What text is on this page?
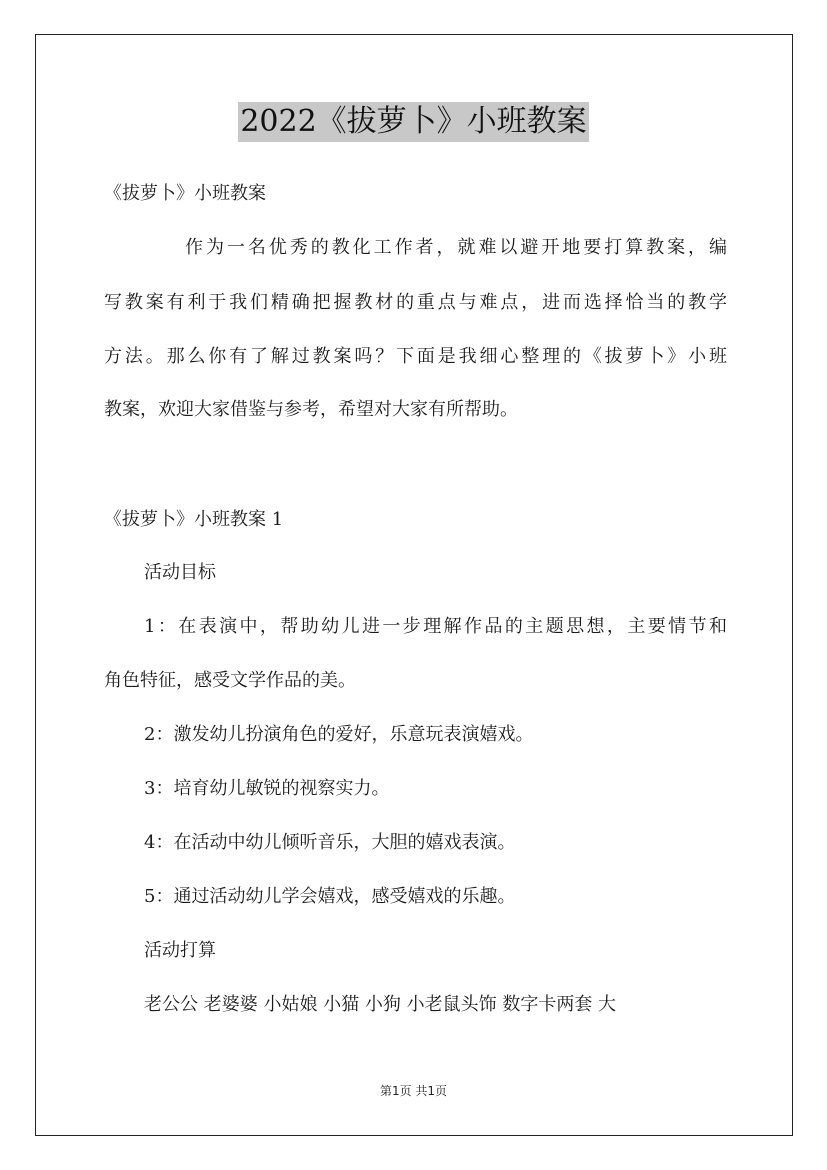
2022《拔萝卜》小班教案
《拔萝卜》小班教案
作为一名优秀的教化工作者，就难以避开地要打算教案，编
写教案有利于我们精确把握教材的重点与难点，进而选择恰当的教学
方法。那么你有了解过教案吗？下面是我细心整理的《拔萝卜》小班
教案，欢迎大家借鉴与参考，希望对大家有所帮助。
《拔萝卜》小班教案 1
活动目标
1：在表演中，帮助幼儿进一步理解作品的主题思想，主要情节和
角色特征，感受文学作品的美。
2：激发幼儿扮演角色的爱好，乐意玩表演嬉戏。
3：培育幼儿敏锐的视察实力。
4：在活动中幼儿倾听音乐，大胆的嬉戏表演。
5：通过活动幼儿学会嬉戏，感受嬉戏的乐趣。
活动打算
老公公 老婆婆 小姑娘 小猫 小狗 小老鼠头饰 数字卡两套 大
第1页 共1页
